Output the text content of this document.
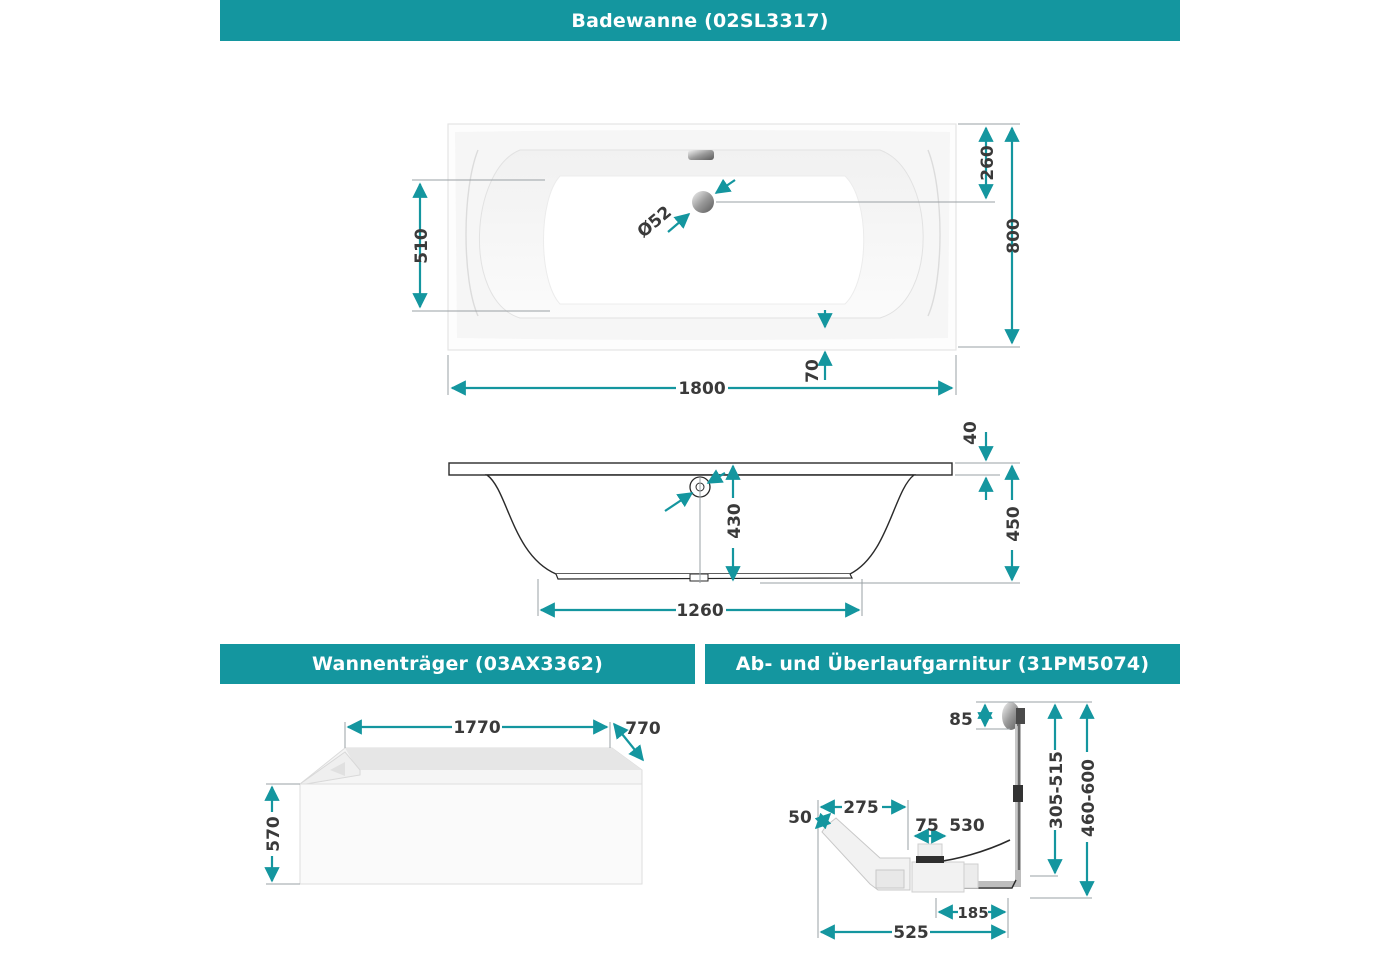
Badewanne (02SL3317)
Wannenträger (03AX3362)	Ab- und Überlaufgarnitur (31PM5074)
510
260
800
1800
70
Ø52
40
430	450
1260
1770	770
570
85
305-515 460-600
275
50	75 530
185
525
